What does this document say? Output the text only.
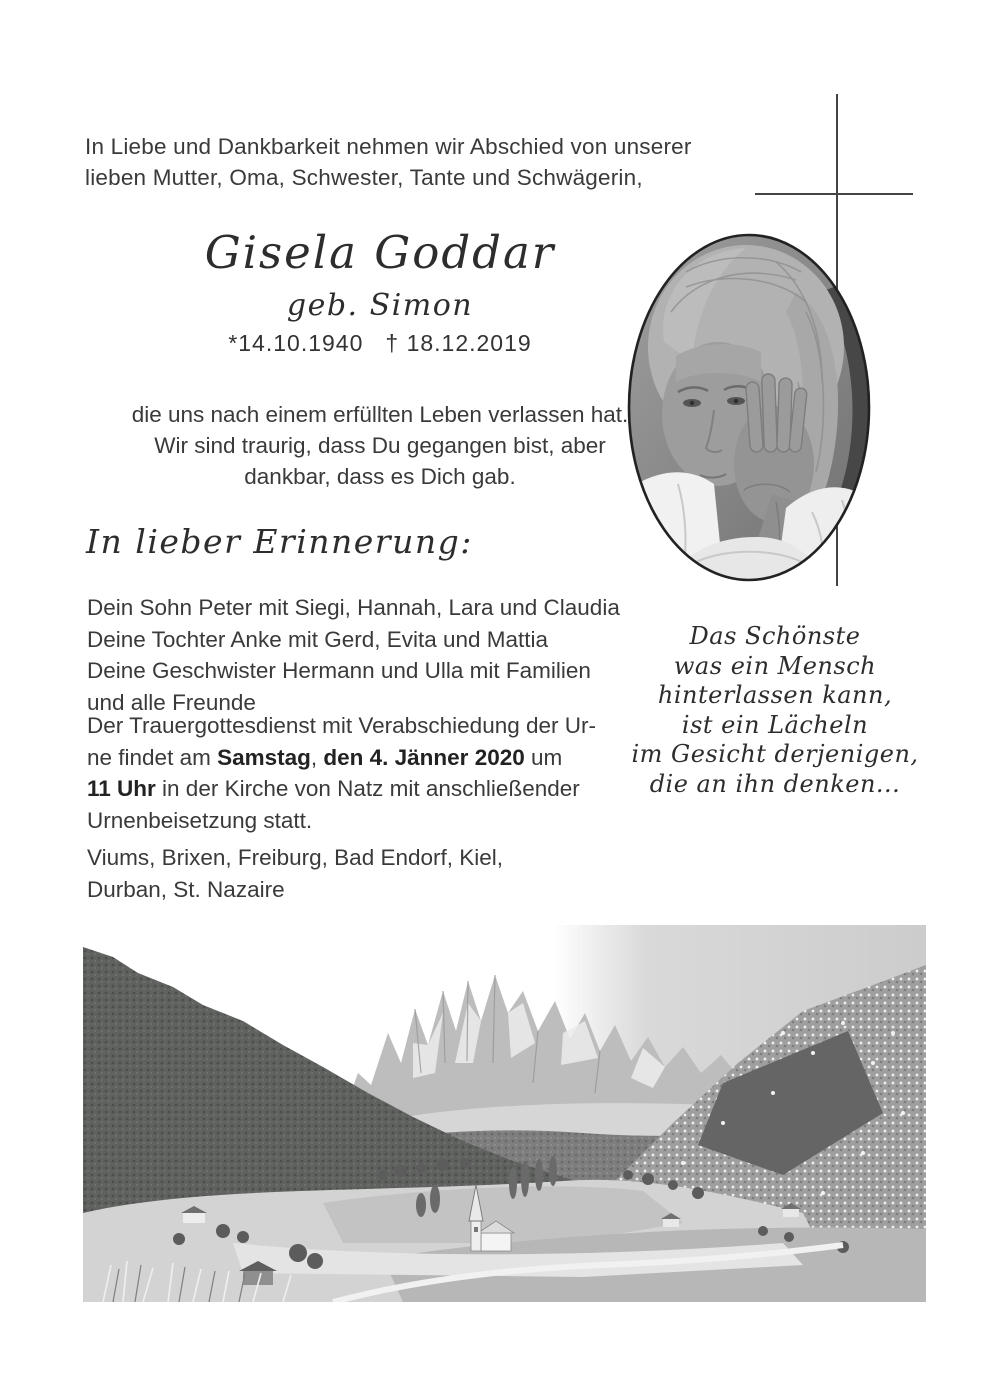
In Liebe und Dankbarkeit nehmen wir Abschied von unserer
lieben Mutter, Oma, Schwester, Tante und Schwägerin,
Gisela Goddar
geb. Simon
*14.10.1940 † 18.12.2019
die uns nach einem erfüllten Leben verlassen hat.
Wir sind traurig, dass Du gegangen bist, aber
dankbar, dass es Dich gab.
In lieber Erinnerung:
Dein Sohn Peter mit Siegi, Hannah, Lara und Claudia
Deine Tochter Anke mit Gerd, Evita und Mattia
Deine Geschwister Hermann und Ulla mit Familien
und alle Freunde
Der Trauergottesdienst mit Verabschiedung der Ur-
ne findet am Samstag, den 4. Jänner 2020 um
11 Uhr in der Kirche von Natz mit anschließender
Urnenbeisetzung statt.
Viums, Brixen, Freiburg, Bad Endorf, Kiel,
Durban, St. Nazaire
Das Schönste
was ein Mensch
hinterlassen kann,
ist ein Lächeln
im Gesicht derjenigen,
die an ihn denken...
